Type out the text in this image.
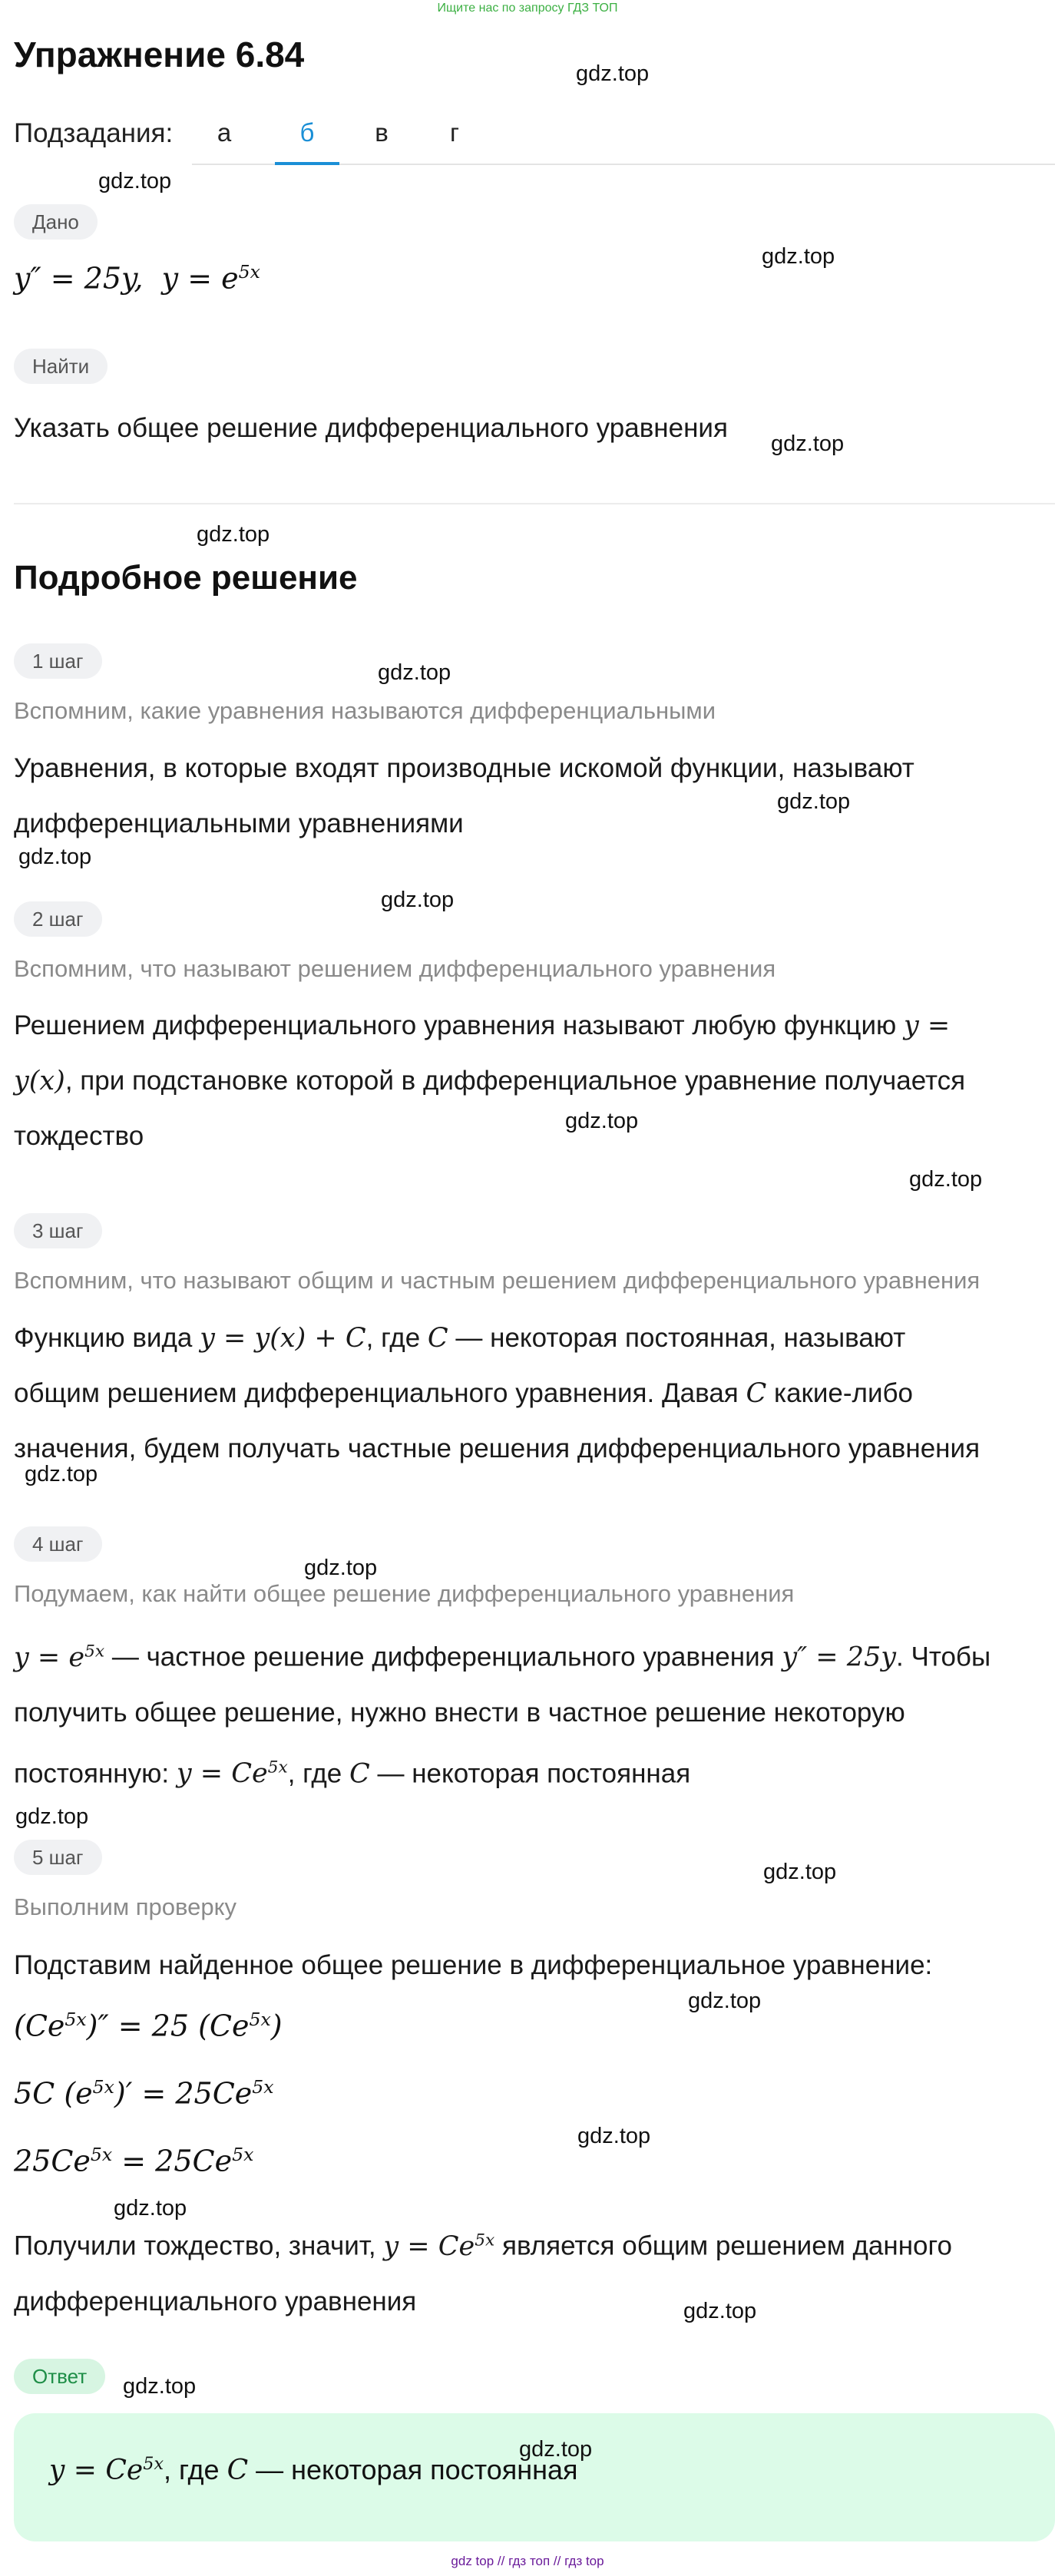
Ищите нас по запросу ГДЗ ТОП
Упражнение 6.84
Подзадания:	а	б	в	г
Дано
y″ = 25y,  $y = e^{5x}$
Найти
Указать общее решение дифференциального уравнения
Подробное решение
1 шаг
Вспомним, какие уравнения называются дифференциальными
Уравнения, в которые входят производные искомой функции, называют
дифференциальными уравнениями
2 шаг
Вспомним, что называют решением дифференциального уравнения
Решением дифференциального уравнения называют любую функцию y =
y(x), при подстановке которой в дифференциальное уравнение получается
тождество
3 шаг
Вспомним, что называют общим и частным решением дифференциального уравнения
Функцию вида y = y(x) + C, где C — некоторая постоянная, называют
общим решением дифференциального уравнения. Давая C какие-либо
значения, будем получать частные решения дифференциального уравнения
4 шаг
Подумаем, как найти общее решение дифференциального уравнения
$y = e^{5x}$ — частное решение дифференциального уравнения y″ = 25y. Чтобы
получить общее решение, нужно внести в частное решение некоторую
постоянную: $y = Ce^{5x}$, где C — некоторая постоянная
5 шаг
Выполним проверку
Подставим найденное общее решение в дифференциальное уравнение:
$(Ce^{5x})'' = 25$ $(Ce^{5x})$
5C $(e^{5x})' = 25Ce^{5x}$
$25Ce^{5x} = 25Ce^{5x}$
Получили тождество, значит, $y = Ce^{5x}$ является общим решением данного
дифференциального уравнения
Ответ
$y = Ce^{5x}$, где C — некоторая постоянная
gdz.top
gdz.top
gdz.top
gdz.top
gdz.top
gdz.top
gdz.top
gdz.top
gdz.top
gdz.top
gdz.top
gdz.top
gdz.top
gdz.top
gdz.top
gdz.top
gdz.top
gdz.top
gdz.top
gdz.top
gdz.top
gdz top // гдз топ // гдз top
